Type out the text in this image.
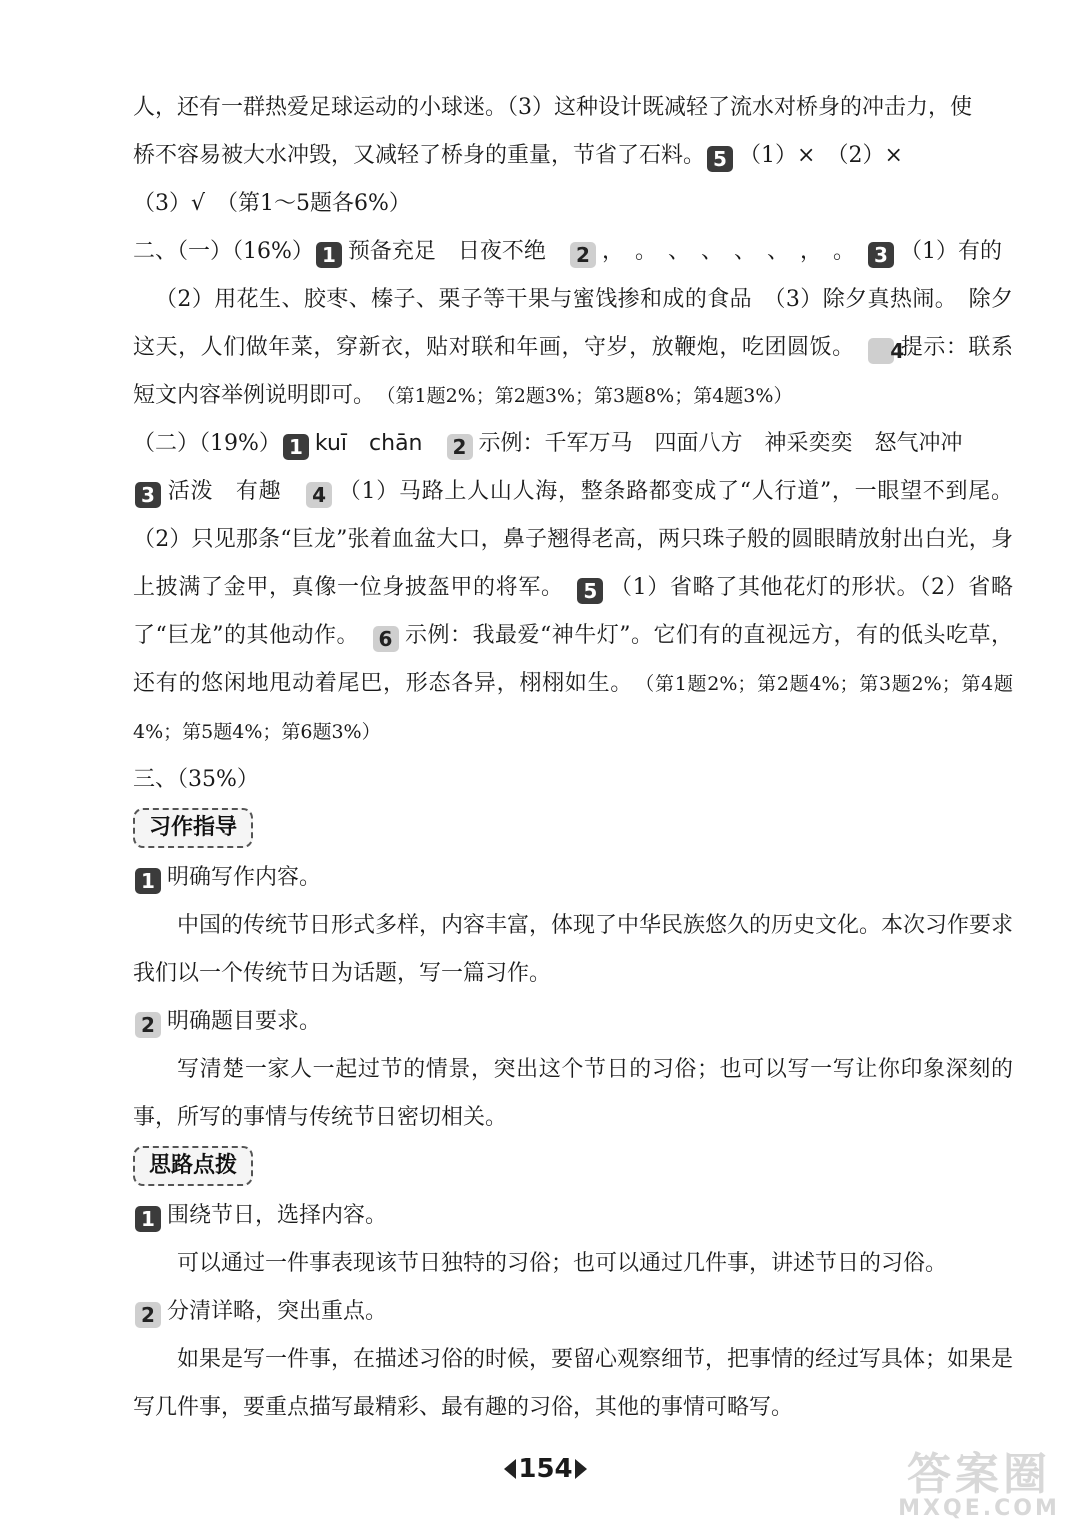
人，还有一群热爱足球运动的小球迷。（3）这种设计既减轻了流水对桥身的冲击力，使

桥不容易被大水冲毁，又减轻了桥身的重量，节省了石料。 5 （1）×　（2）×

（3）√　（第1～5题各6%）

二、（一）（16%） 1 预备充足　日夜不绝　 2 ，　。　、　、　、　、　，　。　 3 （1）有的

（2）用花生、胶枣、榛子、栗子等干果与蜜饯掺和成的食品　（3）除夕真热闹。　除夕这天，人们做年菜，穿新衣，贴对联和年画，守岁，放鞭炮，吃团圆饭。　 4提示：联系短文内容举例说明即可。　 （第1题2%；第2题3%；第3题8%；第4题3%）

（二）（19%） 1 kuī　chān　 2 示例：千军万马　四面八方　神采奕奕　怒气冲冲

3 活泼　有趣　 4 （1）马路上人山人海，整条路都变成了“人行道”，一眼望不到尾。（2）只见那条“巨龙”张着血盆大口，鼻子翘得老高，两只珠子般的圆眼睛放射出白光，身上披满了金甲，真像一位身披盔甲的将军。　 5 （1）省略了其他花灯的形状。（2）省略了“巨龙”的其他动作。　 6 示例：我最爱“神牛灯”。它们有的直视远方，有的低头吃草，还有的悠闲地甩动着尾巴，形态各异，栩栩如生。　 （第1题2%；第2题4%；第3题2%；第4题4%；第5题4%；第6题3%）

三、（35%）

习作指导

1 明确写作内容。

中国的传统节日形式多样，内容丰富，体现了中华民族悠久的历史文化。本次习作要求我们以一个传统节日为话题，写一篇习作。

2 明确题目要求。

写清楚一家人一起过节的情景，突出这个节日的习俗；也可以写一写让你印象深刻的事，所写的事情与传统节日密切相关。

思路点拨

1 围绕节日，选择内容。

可以通过一件事表现该节日独特的习俗；也可以通过几件事，讲述节日的习俗。

2 分清详略，突出重点。

如果是写一件事，在描述习俗的时候，要留心观察细节，把事情的经过写具体；如果是写几件事，要重点描写最精彩、最有趣的习俗，其他的事情可略写。

154	答案圈
MXQE.COM
